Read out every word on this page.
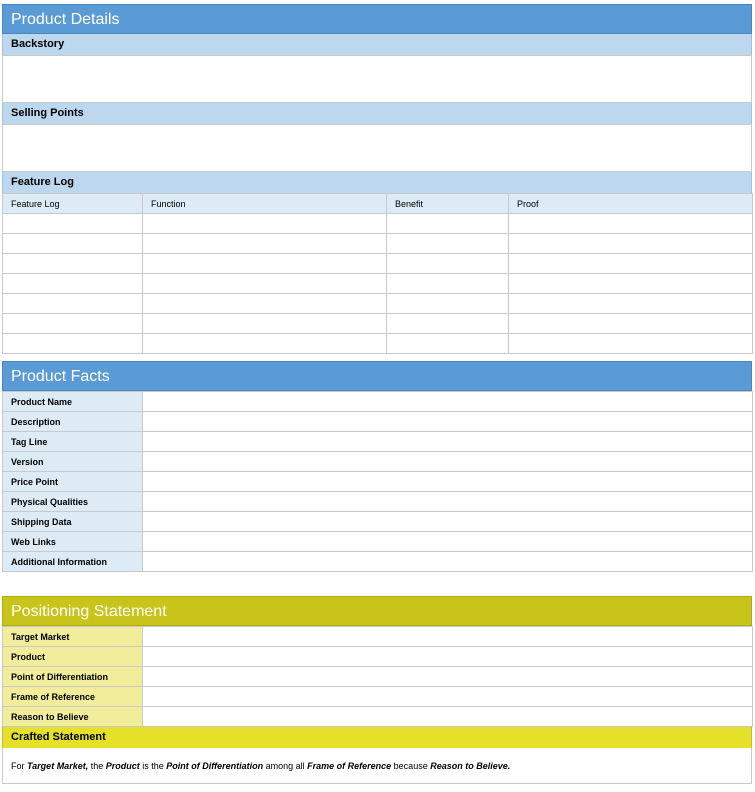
Product Details
Backstory
Selling Points
Feature Log
Feature Log	Function	Benefit	Proof

Product Facts
Product Name	
Description	
Tag Line	
Version	
Price Point	
Physical Qualities	
Shipping Data	
Web Links	
Additional Information	
Positioning Statement
Target Market	
Product	
Point of Differentiation	
Frame of Reference	
Reason to Believe	
Crafted Statement
For Target Market, the Product is the Point of Differentiation among all Frame of Reference because Reason to Believe.
